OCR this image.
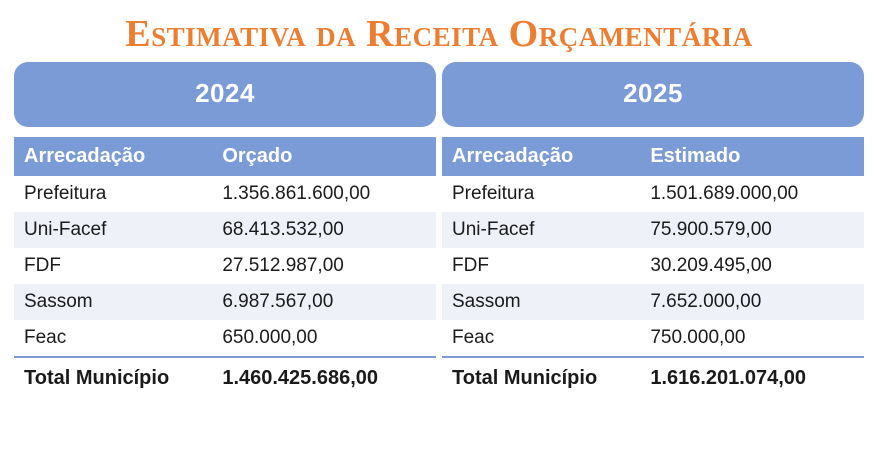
Estimativa da Receita Orçamentária
2024	2025
Arrecadação	Orçado
Prefeitura	1.356.861.600,00
Uni-Facef	68.413.532,00
FDF	27.512.987,00
Sassom	6.987.567,00
Feac	650.000,00
Total Município	1.460.425.686,00
Arrecadação	Estimado
Prefeitura	1.501.689.000,00
Uni-Facef	75.900.579,00
FDF	30.209.495,00
Sassom	7.652.000,00
Feac	750.000,00
Total Município	1.616.201.074,00
